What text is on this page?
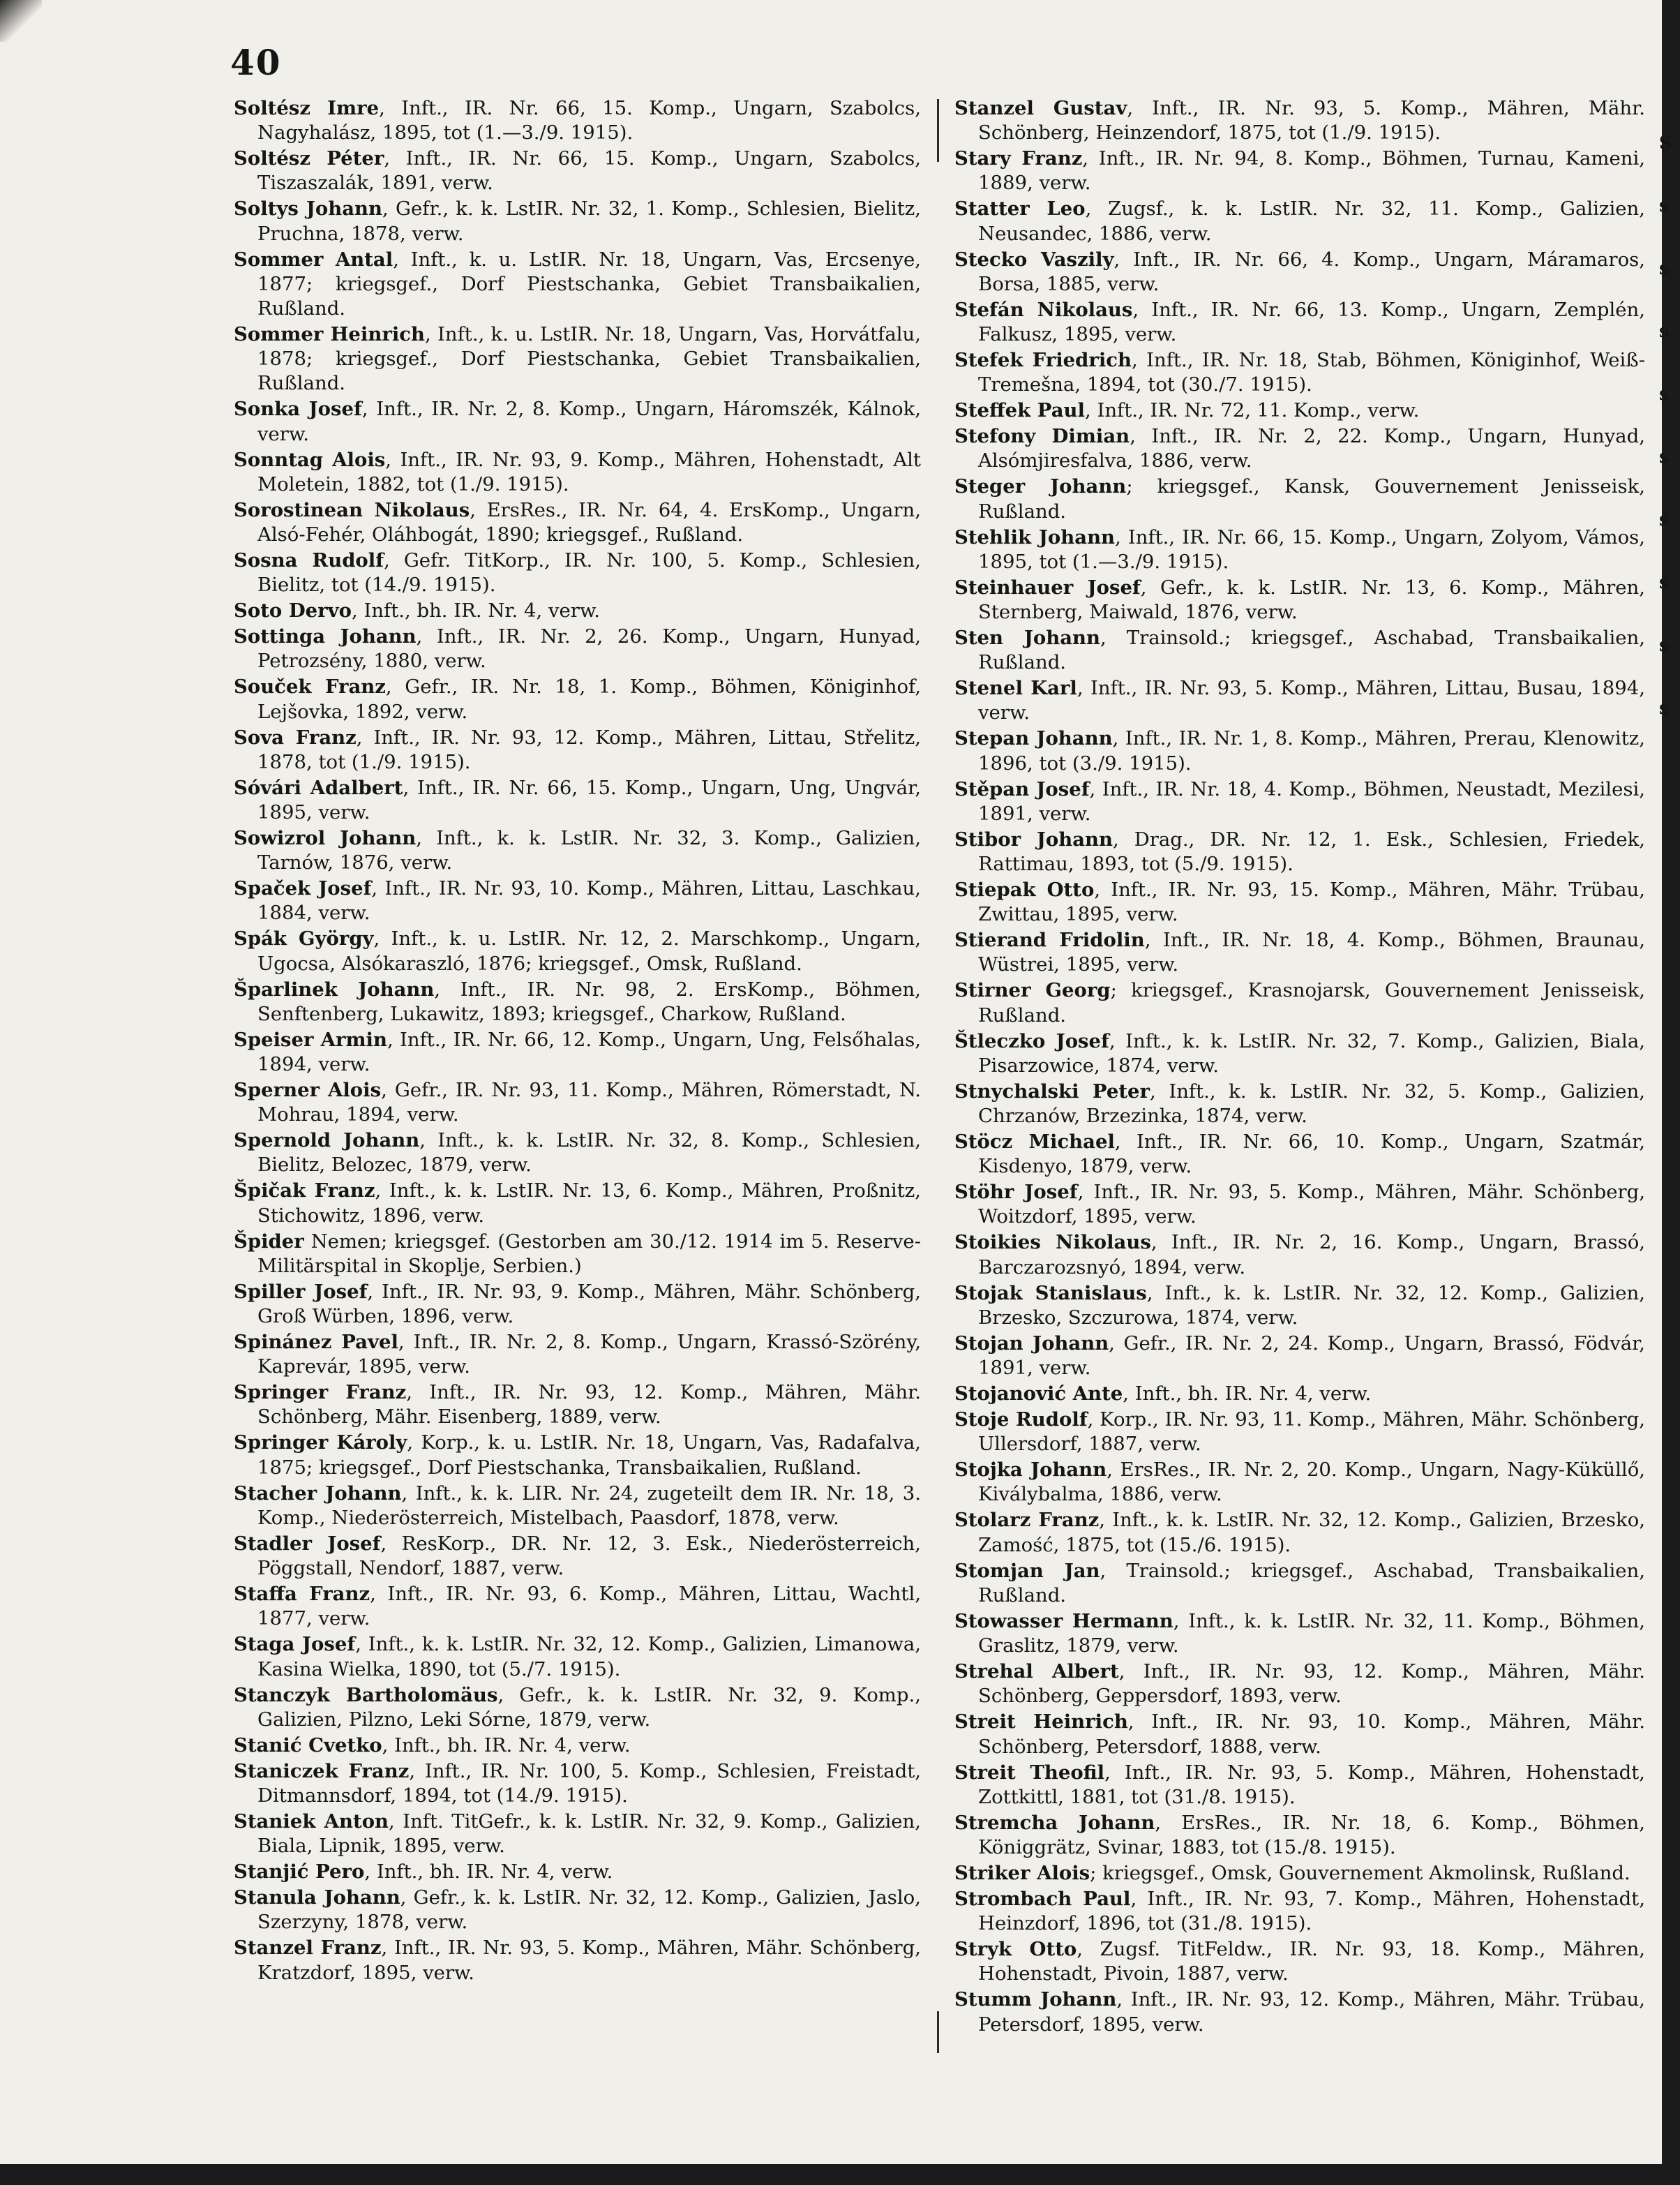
40

Soltész Imre, Inft., IR. Nr. 66, 15. Komp., Ungarn, Szabolcs, Nagyhalász, 1895, tot (1.—3./9. 1915).

Soltész Péter, Inft., IR. Nr. 66, 15. Komp., Ungarn, Szabolcs, Tiszaszalák, 1891, verw.

Soltys Johann, Gefr., k. k. LstIR. Nr. 32, 1. Komp., Schlesien, Bielitz, Pruchna, 1878, verw.

Sommer Antal, Inft., k. u. LstIR. Nr. 18, Ungarn, Vas, Ercsenye, 1877; kriegsgef., Dorf Piestschanka, Gebiet Transbaikalien, Rußland.

Sommer Heinrich, Inft., k. u. LstIR. Nr. 18, Ungarn, Vas, Horvátfalu, 1878; kriegsgef., Dorf Piestschanka, Gebiet Transbaikalien, Rußland.

Sonka Josef, Inft., IR. Nr. 2, 8. Komp., Ungarn, Háromszék, Kálnok, verw.

Sonntag Alois, Inft., IR. Nr. 93, 9. Komp., Mähren, Hohenstadt, Alt Moletein, 1882, tot (1./9. 1915).

Sorostinean Nikolaus, ErsRes., IR. Nr. 64, 4. ErsKomp., Ungarn, Alsó-Fehér, Oláhbogát, 1890; kriegsgef., Rußland.

Sosna Rudolf, Gefr. TitKorp., IR. Nr. 100, 5. Komp., Schlesien, Bielitz, tot (14./9. 1915).

Soto Dervo, Inft., bh. IR. Nr. 4, verw.

Sottinga Johann, Inft., IR. Nr. 2, 26. Komp., Ungarn, Hunyad, Petrozsény, 1880, verw.

Souček Franz, Gefr., IR. Nr. 18, 1. Komp., Böhmen, Königinhof, Lejšovka, 1892, verw.

Sova Franz, Inft., IR. Nr. 93, 12. Komp., Mähren, Littau, Střelitz, 1878, tot (1./9. 1915).

Sóvári Adalbert, Inft., IR. Nr. 66, 15. Komp., Ungarn, Ung, Ungvár, 1895, verw.

Sowizrol Johann, Inft., k. k. LstIR. Nr. 32, 3. Komp., Galizien, Tarnów, 1876, verw.

Spaček Josef, Inft., IR. Nr. 93, 10. Komp., Mähren, Littau, Laschkau, 1884, verw.

Spák György, Inft., k. u. LstIR. Nr. 12, 2. Marschkomp., Ungarn, Ugocsa, Alsókaraszló, 1876; kriegsgef., Omsk, Rußland.

Šparlinek Johann, Inft., IR. Nr. 98, 2. ErsKomp., Böhmen, Senftenberg, Lukawitz, 1893; kriegsgef., Charkow, Rußland.

Speiser Armin, Inft., IR. Nr. 66, 12. Komp., Ungarn, Ung, Felsőhalas, 1894, verw.

Sperner Alois, Gefr., IR. Nr. 93, 11. Komp., Mähren, Römerstadt, N. Mohrau, 1894, verw.

Spernold Johann, Inft., k. k. LstIR. Nr. 32, 8. Komp., Schlesien, Bielitz, Belozec, 1879, verw.

Špičak Franz, Inft., k. k. LstIR. Nr. 13, 6. Komp., Mähren, Proßnitz, Stichowitz, 1896, verw.

Špider Nemen; kriegsgef. (Gestorben am 30./12. 1914 im 5. Reserve-Militärspital in Skoplje, Serbien.)

Spiller Josef, Inft., IR. Nr. 93, 9. Komp., Mähren, Mähr. Schönberg, Groß Würben, 1896, verw.

Spinánez Pavel, Inft., IR. Nr. 2, 8. Komp., Ungarn, Krassó-Szörény, Kaprevár, 1895, verw.

Springer Franz, Inft., IR. Nr. 93, 12. Komp., Mähren, Mähr. Schönberg, Mähr. Eisenberg, 1889, verw.

Springer Károly, Korp., k. u. LstIR. Nr. 18, Ungarn, Vas, Radafalva, 1875; kriegsgef., Dorf Piestschanka, Transbaikalien, Rußland.

Stacher Johann, Inft., k. k. LIR. Nr. 24, zugeteilt dem IR. Nr. 18, 3. Komp., Niederösterreich, Mistelbach, Paasdorf, 1878, verw.

Stadler Josef, ResKorp., DR. Nr. 12, 3. Esk., Niederösterreich, Pöggstall, Nendorf, 1887, verw.

Staffa Franz, Inft., IR. Nr. 93, 6. Komp., Mähren, Littau, Wachtl, 1877, verw.

Staga Josef, Inft., k. k. LstIR. Nr. 32, 12. Komp., Galizien, Limanowa, Kasina Wielka, 1890, tot (5./7. 1915).

Stanczyk Bartholomäus, Gefr., k. k. LstIR. Nr. 32, 9. Komp., Galizien, Pilzno, Leki Sórne, 1879, verw.

Stanić Cvetko, Inft., bh. IR. Nr. 4, verw.

Staniczek Franz, Inft., IR. Nr. 100, 5. Komp., Schlesien, Freistadt, Ditmannsdorf, 1894, tot (14./9. 1915).

Staniek Anton, Inft. TitGefr., k. k. LstIR. Nr. 32, 9. Komp., Galizien, Biala, Lipnik, 1895, verw.

Stanjić Pero, Inft., bh. IR. Nr. 4, verw.

Stanula Johann, Gefr., k. k. LstIR. Nr. 32, 12. Komp., Galizien, Jaslo, Szerzyny, 1878, verw.

Stanzel Franz, Inft., IR. Nr. 93, 5. Komp., Mähren, Mähr. Schönberg, Kratzdorf, 1895, verw.

Stanzel Gustav, Inft., IR. Nr. 93, 5. Komp., Mähren, Mähr. Schönberg, Heinzendorf, 1875, tot (1./9. 1915).

Stary Franz, Inft., IR. Nr. 94, 8. Komp., Böhmen, Turnau, Kameni, 1889, verw.

Statter Leo, Zugsf., k. k. LstIR. Nr. 32, 11. Komp., Galizien, Neusandec, 1886, verw.

Stecko Vaszily, Inft., IR. Nr. 66, 4. Komp., Ungarn, Máramaros, Borsa, 1885, verw.

Stefán Nikolaus, Inft., IR. Nr. 66, 13. Komp., Ungarn, Zemplén, Falkusz, 1895, verw.

Stefek Friedrich, Inft., IR. Nr. 18, Stab, Böhmen, Königinhof, Weiß-Tremešna, 1894, tot (30./7. 1915).

Steffek Paul, Inft., IR. Nr. 72, 11. Komp., verw.

Stefony Dimian, Inft., IR. Nr. 2, 22. Komp., Ungarn, Hunyad, Alsómjiresfalva, 1886, verw.

Steger Johann; kriegsgef., Kansk, Gouvernement Jenisseisk, Rußland.

Stehlik Johann, Inft., IR. Nr. 66, 15. Komp., Ungarn, Zolyom, Vámos, 1895, tot (1.—3./9. 1915).

Steinhauer Josef, Gefr., k. k. LstIR. Nr. 13, 6. Komp., Mähren, Sternberg, Maiwald, 1876, verw.

Sten Johann, Trainsold.; kriegsgef., Aschabad, Transbaikalien, Rußland.

Stenel Karl, Inft., IR. Nr. 93, 5. Komp., Mähren, Littau, Busau, 1894, verw.

Stepan Johann, Inft., IR. Nr. 1, 8. Komp., Mähren, Prerau, Klenowitz, 1896, tot (3./9. 1915).

Stěpan Josef, Inft., IR. Nr. 18, 4. Komp., Böhmen, Neustadt, Mezilesi, 1891, verw.

Stibor Johann, Drag., DR. Nr. 12, 1. Esk., Schlesien, Friedek, Rattimau, 1893, tot (5./9. 1915).

Stiepak Otto, Inft., IR. Nr. 93, 15. Komp., Mähren, Mähr. Trübau, Zwittau, 1895, verw.

Stierand Fridolin, Inft., IR. Nr. 18, 4. Komp., Böhmen, Braunau, Wüstrei, 1895, verw.

Stirner Georg; kriegsgef., Krasnojarsk, Gouvernement Jenisseisk, Rußland.

Štleczko Josef, Inft., k. k. LstIR. Nr. 32, 7. Komp., Galizien, Biala, Pisarzowice, 1874, verw.

Stnychalski Peter, Inft., k. k. LstIR. Nr. 32, 5. Komp., Galizien, Chrzanów, Brzezinka, 1874, verw.

Stöcz Michael, Inft., IR. Nr. 66, 10. Komp., Ungarn, Szatmár, Kisdenyo, 1879, verw.

Stöhr Josef, Inft., IR. Nr. 93, 5. Komp., Mähren, Mähr. Schönberg, Woitzdorf, 1895, verw.

Stoikies Nikolaus, Inft., IR. Nr. 2, 16. Komp., Ungarn, Brassó, Barczarozsnyó, 1894, verw.

Stojak Stanislaus, Inft., k. k. LstIR. Nr. 32, 12. Komp., Galizien, Brzesko, Szczurowa, 1874, verw.

Stojan Johann, Gefr., IR. Nr. 2, 24. Komp., Ungarn, Brassó, Födvár, 1891, verw.

Stojanović Ante, Inft., bh. IR. Nr. 4, verw.

Stoje Rudolf, Korp., IR. Nr. 93, 11. Komp., Mähren, Mähr. Schönberg, Ullersdorf, 1887, verw.

Stojka Johann, ErsRes., IR. Nr. 2, 20. Komp., Ungarn, Nagy-Küküllő, Kiválybalma, 1886, verw.

Stolarz Franz, Inft., k. k. LstIR. Nr. 32, 12. Komp., Galizien, Brzesko, Zamość, 1875, tot (15./6. 1915).

Stomjan Jan, Trainsold.; kriegsgef., Aschabad, Transbaikalien, Rußland.

Stowasser Hermann, Inft., k. k. LstIR. Nr. 32, 11. Komp., Böhmen, Graslitz, 1879, verw.

Strehal Albert, Inft., IR. Nr. 93, 12. Komp., Mähren, Mähr. Schönberg, Geppersdorf, 1893, verw.

Streit Heinrich, Inft., IR. Nr. 93, 10. Komp., Mähren, Mähr. Schönberg, Petersdorf, 1888, verw.

Streit Theofil, Inft., IR. Nr. 93, 5. Komp., Mähren, Hohenstadt, Zottkittl, 1881, tot (31./8. 1915).

Stremcha Johann, ErsRes., IR. Nr. 18, 6. Komp., Böhmen, Königgrätz, Svinar, 1883, tot (15./8. 1915).

Striker Alois; kriegsgef., Omsk, Gouvernement Akmolinsk, Rußland.

Strombach Paul, Inft., IR. Nr. 93, 7. Komp., Mähren, Hohenstadt, Heinzdorf, 1896, tot (31./8. 1915).

Stryk Otto, Zugsf. TitFeldw., IR. Nr. 93, 18. Komp., Mähren, Hohenstadt, Pivoin, 1887, verw.

Stumm Johann, Inft., IR. Nr. 93, 12. Komp., Mähren, Mähr. Trübau, Petersdorf, 1895, verw.

S
s
s
s
s
s
s
s
s
s
